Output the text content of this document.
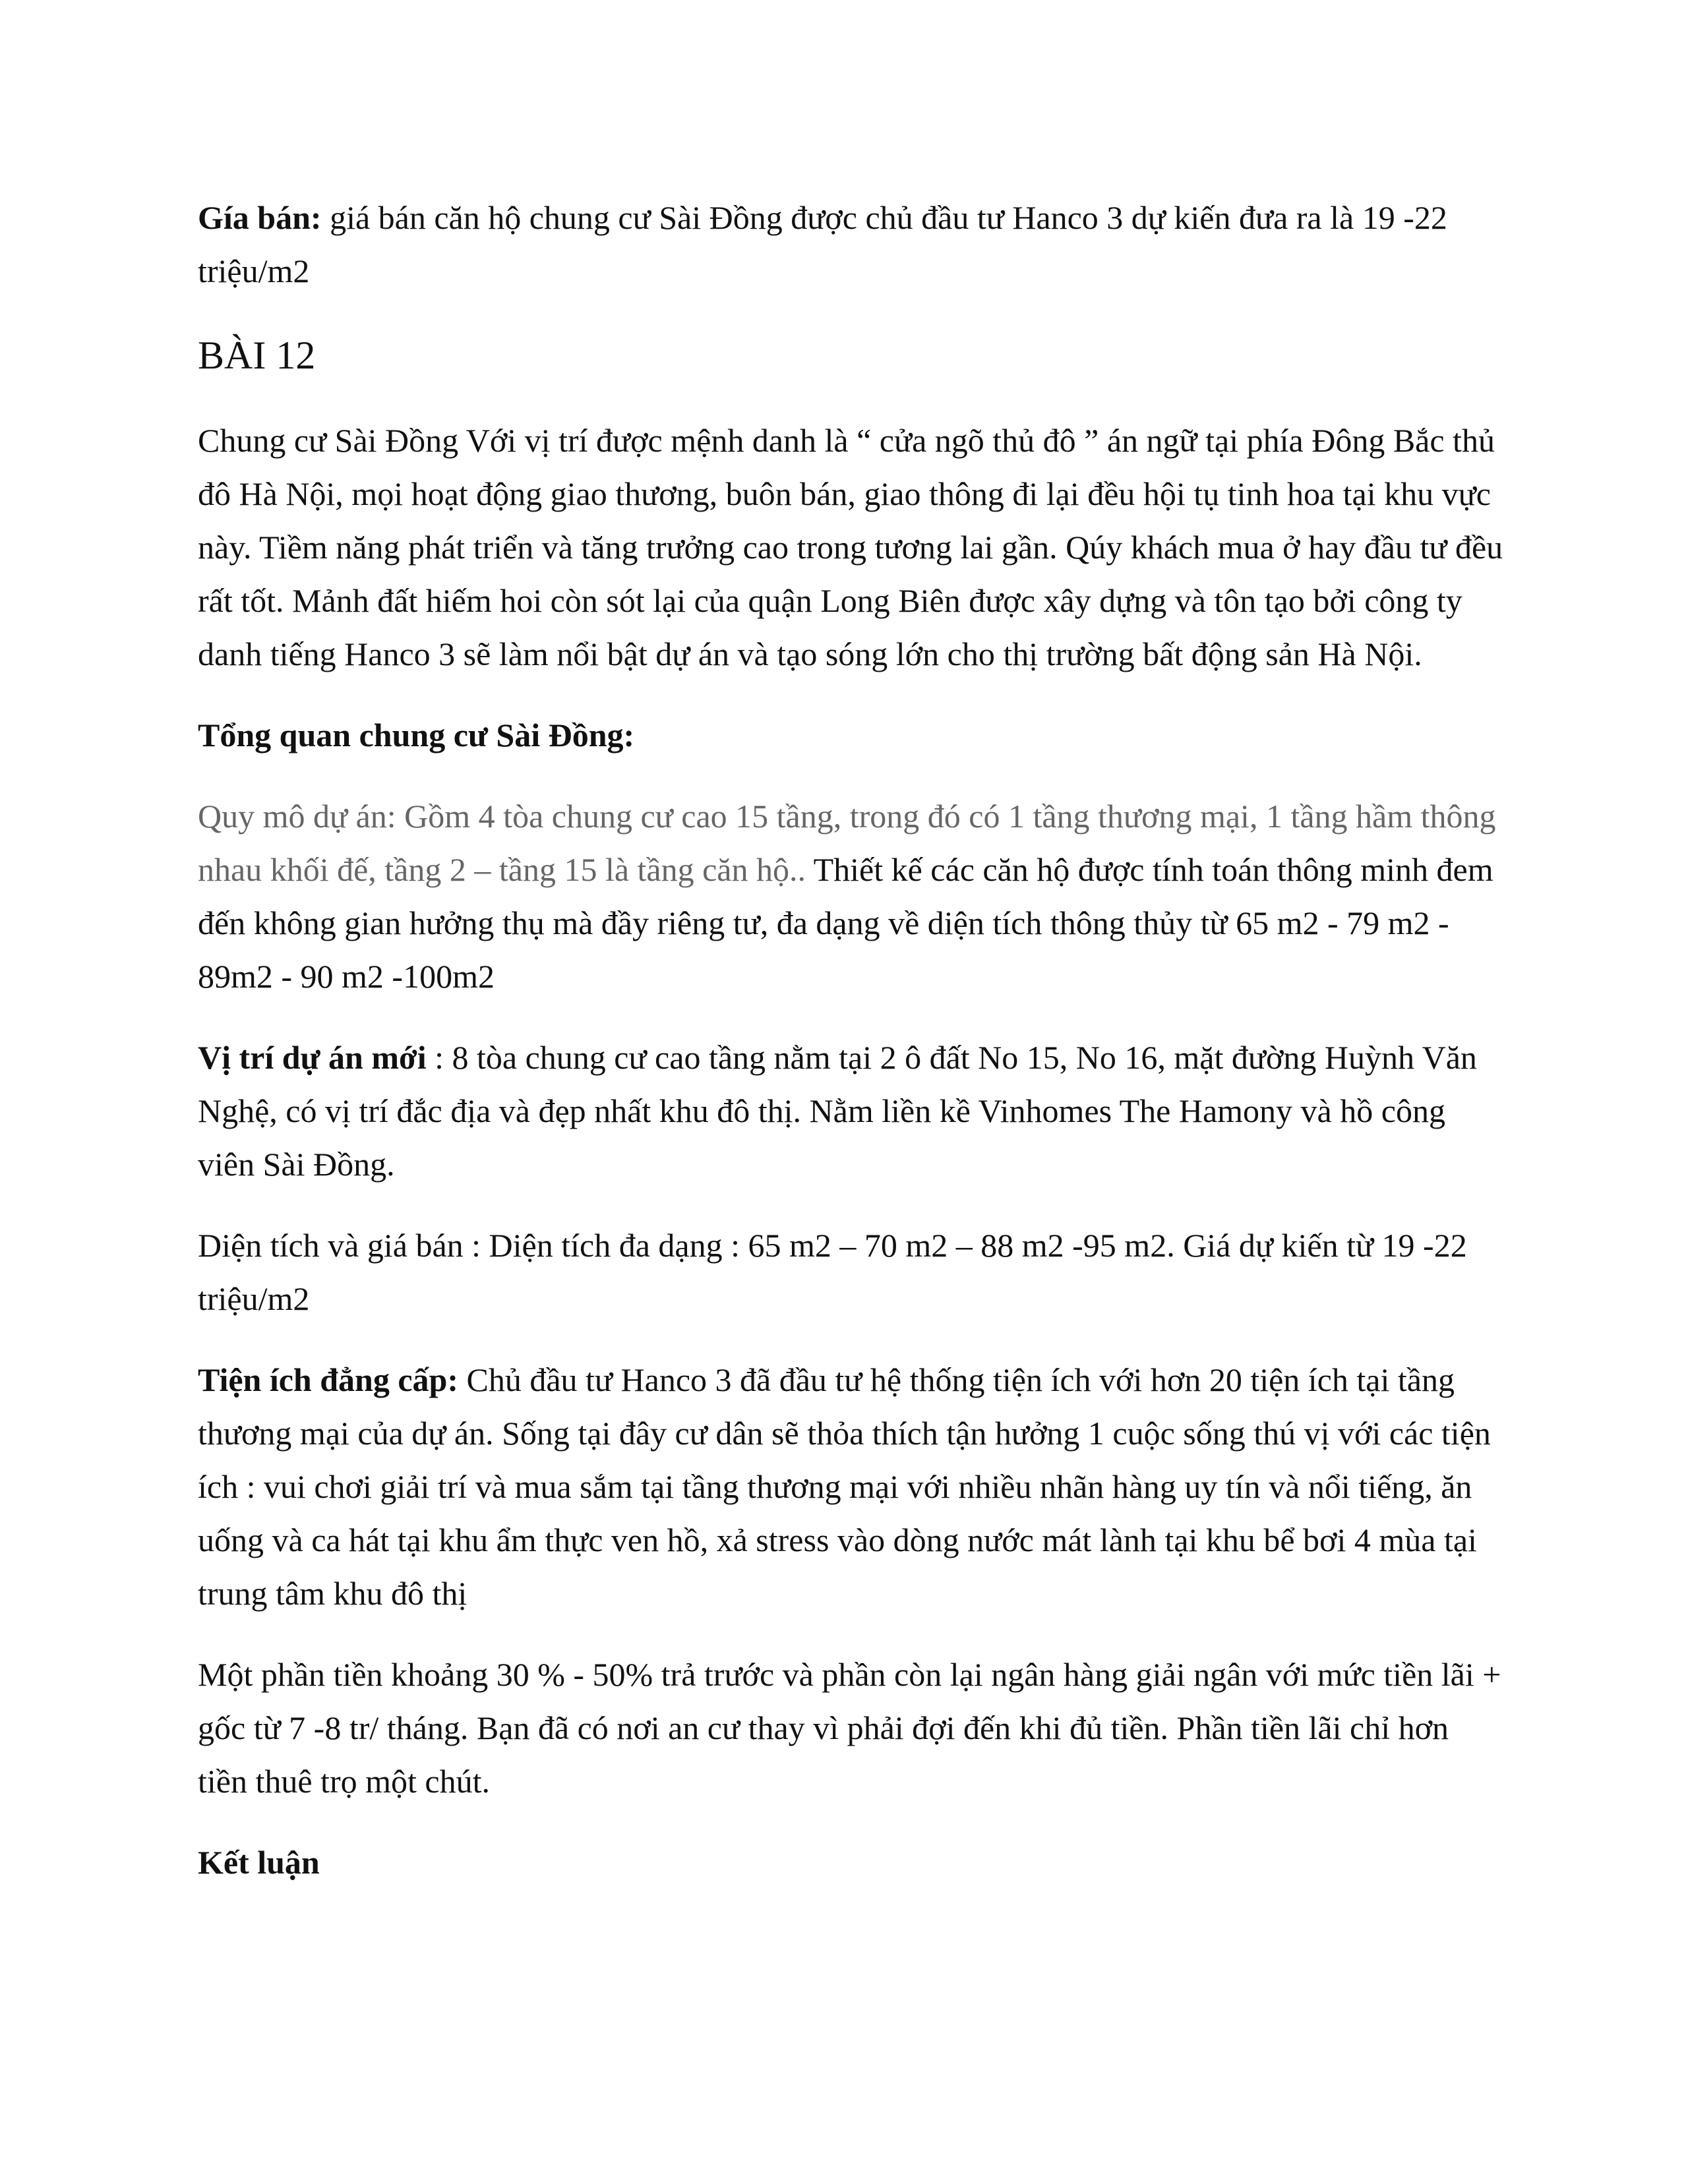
Gía bán: giá bán căn hộ chung cư Sài Đồng được chủ đầu tư Hanco 3 dự kiến đưa ra là 19 -22 triệu/m2

BÀI 12

Chung cư Sài Đồng Với vị trí được mệnh danh là “ cửa ngõ thủ đô ” án ngữ tại phía Đông Bắc thủ đô Hà Nội, mọi hoạt động giao thương, buôn bán, giao thông đi lại đều hội tụ tinh hoa tại khu vực này. Tiềm năng phát triển và tăng trưởng cao trong tương lai gần. Qúy khách mua ở hay đầu tư đều rất tốt. Mảnh đất hiếm hoi còn sót lại của quận Long Biên được xây dựng và tôn tạo bởi công ty danh tiếng Hanco 3 sẽ làm nổi bật dự án và tạo sóng lớn cho thị trường bất động sản Hà Nội.

Tổng quan chung cư Sài Đồng:

Quy mô dự án: Gồm 4 tòa chung cư cao 15 tầng, trong đó có 1 tầng thương mại, 1 tầng hầm thông nhau khối đế, tầng 2 – tầng 15 là tầng căn hộ.. Thiết kế các căn hộ được tính toán thông minh đem đến không gian hưởng thụ mà đầy riêng tư, đa dạng về diện tích thông thủy từ 65 m2 - 79 m2 - 89m2 - 90 m2 -100m2

Vị trí dự án mới : 8 tòa chung cư cao tầng nằm tại 2 ô đất No 15, No 16, mặt đường Huỳnh Văn Nghệ, có vị trí đắc địa và đẹp nhất khu đô thị. Nằm liền kề Vinhomes The Hamony và hồ công viên Sài Đồng.

Diện tích và giá bán : Diện tích đa dạng : 65 m2 – 70 m2 – 88 m2 -95 m2. Giá dự kiến từ 19 -22 triệu/m2

Tiện ích đẳng cấp: Chủ đầu tư Hanco 3 đã đầu tư hệ thống tiện ích với hơn 20 tiện ích tại tầng thương mại của dự án. Sống tại đây cư dân sẽ thỏa thích tận hưởng 1 cuộc sống thú vị với các tiện ích : vui chơi giải trí và mua sắm tại tầng thương mại với nhiều nhãn hàng uy tín và nổi tiếng, ăn uống và ca hát tại khu ẩm thực ven hồ, xả stress vào dòng nước mát lành tại khu bể bơi 4 mùa tại trung tâm khu đô thị

Một phần tiền khoảng 30 % - 50% trả trước và phần còn lại ngân hàng giải ngân với mức tiền lãi + gốc từ 7 -8 tr/ tháng. Bạn đã có nơi an cư thay vì phải đợi đến khi đủ tiền. Phần tiền lãi chỉ hơn tiền thuê trọ một chút.

Kết luận
